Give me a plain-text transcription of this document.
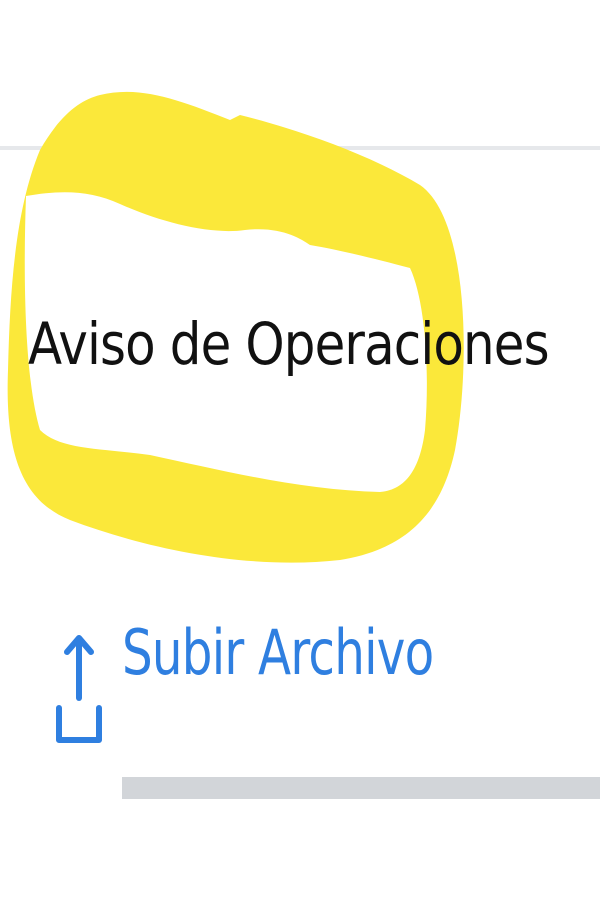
Aviso de Operaciones
Subir Archivo
